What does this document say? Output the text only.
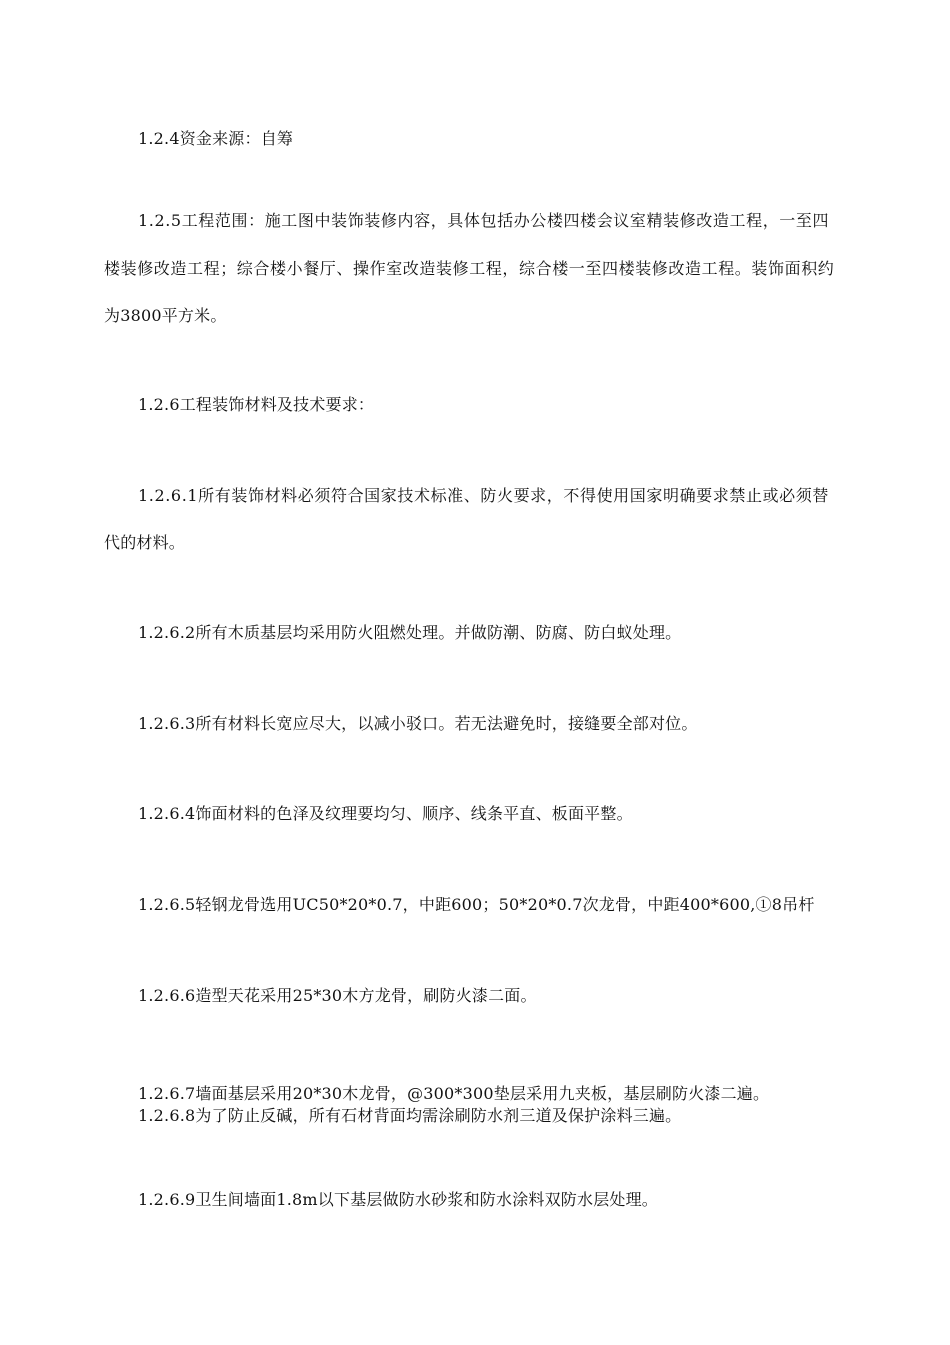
1.2.4资金来源：自筹
1.2.5工程范围：施工图中装饰装修内容，具体包括办公楼四楼会议室精装修改造工程，一至四
楼装修改造工程；综合楼小餐厅、操作室改造装修工程，综合楼一至四楼装修改造工程。装饰面积约
为3800平方米。
1.2.6工程装饰材料及技术要求：
1.2.6.1所有装饰材料必须符合国家技术标准、防火要求，不得使用国家明确要求禁止或必须替
代的材料。
1.2.6.2所有木质基层均采用防火阻燃处理。并做防潮、防腐、防白蚁处理。
1.2.6.3所有材料长宽应尽大，以减小驳口。若无法避免时，接缝要全部对位。
1.2.6.4饰面材料的色泽及纹理要均匀、顺序、线条平直、板面平整。
1.2.6.5轻钢龙骨选用UC50*20*0.7，中距600；50*20*0.7次龙骨，中距400*600,①8吊杆
1.2.6.6造型天花采用25*30木方龙骨，刷防火漆二面。
1.2.6.7墙面基层采用20*30木龙骨，@300*300垫层采用九夹板，基层刷防火漆二遍。
1.2.6.8为了防止反碱，所有石材背面均需涂刷防水剂三道及保护涂料三遍。
1.2.6.9卫生间墙面1.8m以下基层做防水砂浆和防水涂料双防水层处理。
